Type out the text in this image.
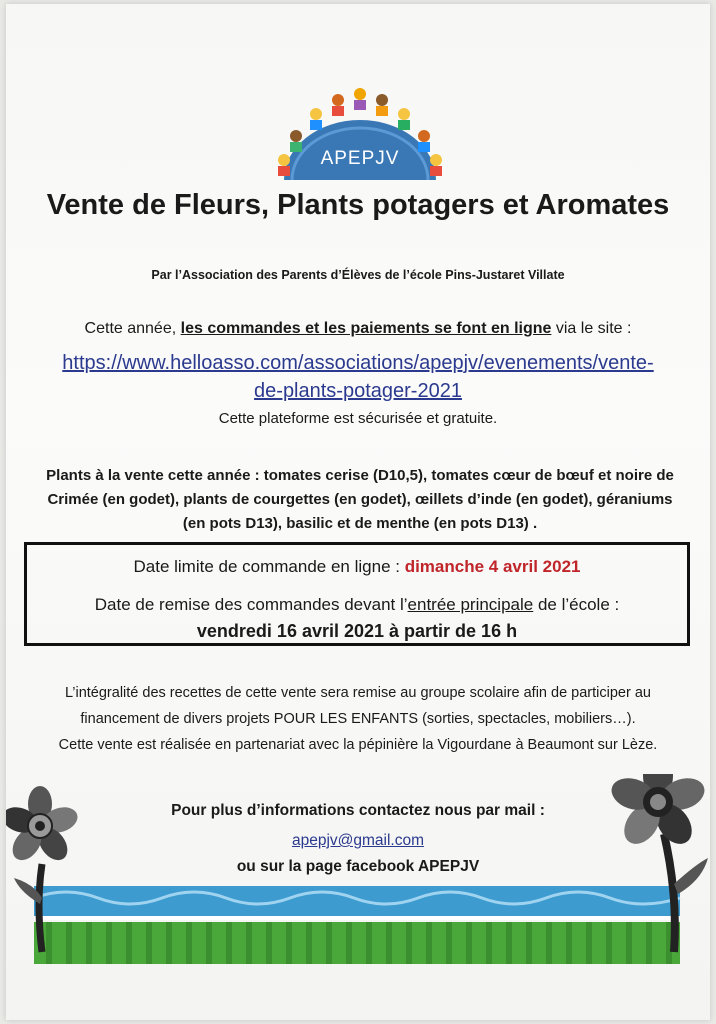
APEPJV
Vente de Fleurs, Plants potagers et Aromates
Par l’Association des Parents d’Élèves de l’école Pins-Justaret Villate
Cette année, les commandes et les paiements se font en ligne via le site :
https://www.helloasso.com/associations/apepjv/evenements/vente-
de-plants-potager-2021
Cette plateforme est sécurisée et gratuite.
Plants à la vente cette année : tomates cerise (D10,5), tomates cœur de bœuf et noire de Crimée (en godet), plants de courgettes (en godet), œillets d’inde (en godet), géraniums (en pots D13), basilic et de menthe (en pots D13) .
Date limite de commande en ligne : dimanche 4 avril 2021
Date de remise des commandes devant l’entrée principale de l’école :
vendredi 16 avril 2021 à partir de 16 h
L’intégralité des recettes de cette vente sera remise au groupe scolaire afin de participer au
financement de divers projets POUR LES ENFANTS (sorties, spectacles, mobiliers…).
Cette vente est réalisée en partenariat avec la pépinière la Vigourdane à Beaumont sur Lèze.
Pour plus d’informations contactez nous par mail :
apepjv@gmail.com
ou sur la page facebook APEPJV
